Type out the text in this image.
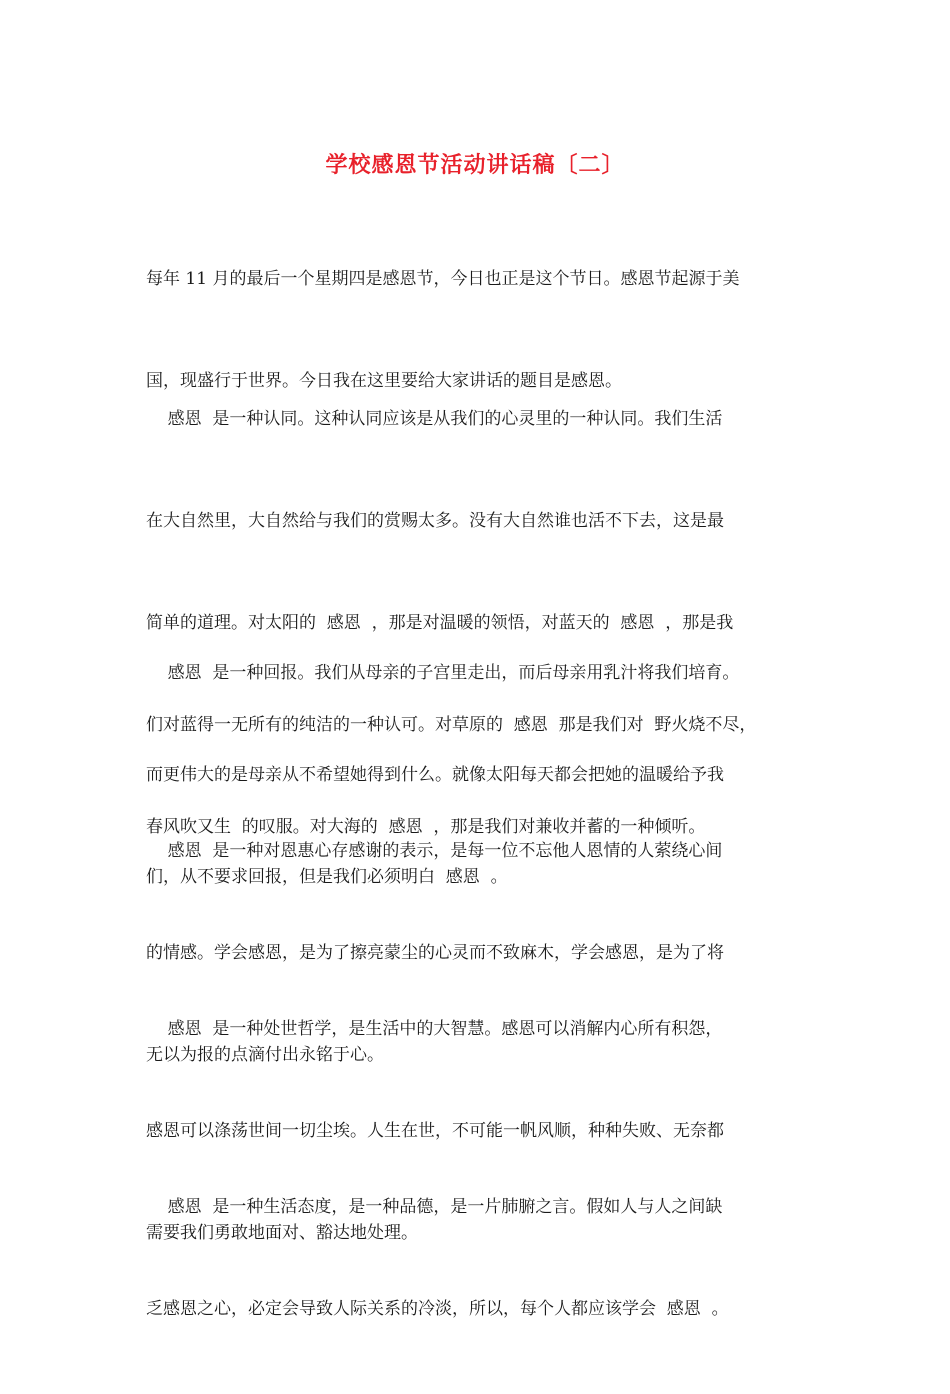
学校感恩节活动讲话稿〔二〕

每年 11 月的最后一个星期四是感恩节，今日也正是这个节日。感恩节起源于美

国，现盛行于世界。今日我在这里要给大家讲话的题目是感恩。

感恩  是一种认同。这种认同应该是从我们的心灵里的一种认同。我们生活

在大自然里，大自然给与我们的赏赐太多。没有大自然谁也活不下去，这是最

简单的道理。对太阳的  感恩  ，那是对温暖的领悟，对蓝天的  感恩  ，那是我

们对蓝得一无所有的纯洁的一种认可。对草原的  感恩  那是我们对  野火烧不尽，

春风吹又生  的叹服。对大海的  感恩  ，那是我们对兼收并蓄的一种倾听。

感恩  是一种回报。我们从母亲的子宫里走出，而后母亲用乳汁将我们培育。

而更伟大的是母亲从不希望她得到什么。就像太阳每天都会把她的温暖给予我

们，从不要求回报，但是我们必须明白  感恩  。

感恩  是一种对恩惠心存感谢的表示，是每一位不忘他人恩情的人萦绕心间

的情感。学会感恩，是为了擦亮蒙尘的心灵而不致麻木，学会感恩，是为了将

无以为报的点滴付出永铭于心。

感恩  是一种处世哲学，是生活中的大智慧。感恩可以消解内心所有积怨，

感恩可以涤荡世间一切尘埃。人生在世，不可能一帆风顺，种种失败、无奈都

需要我们勇敢地面对、豁达地处理。

感恩  是一种生活态度，是一种品德，是一片肺腑之言。假如人与人之间缺

乏感恩之心，必定会导致人际关系的冷淡，所以，每个人都应该学会  感恩  。
